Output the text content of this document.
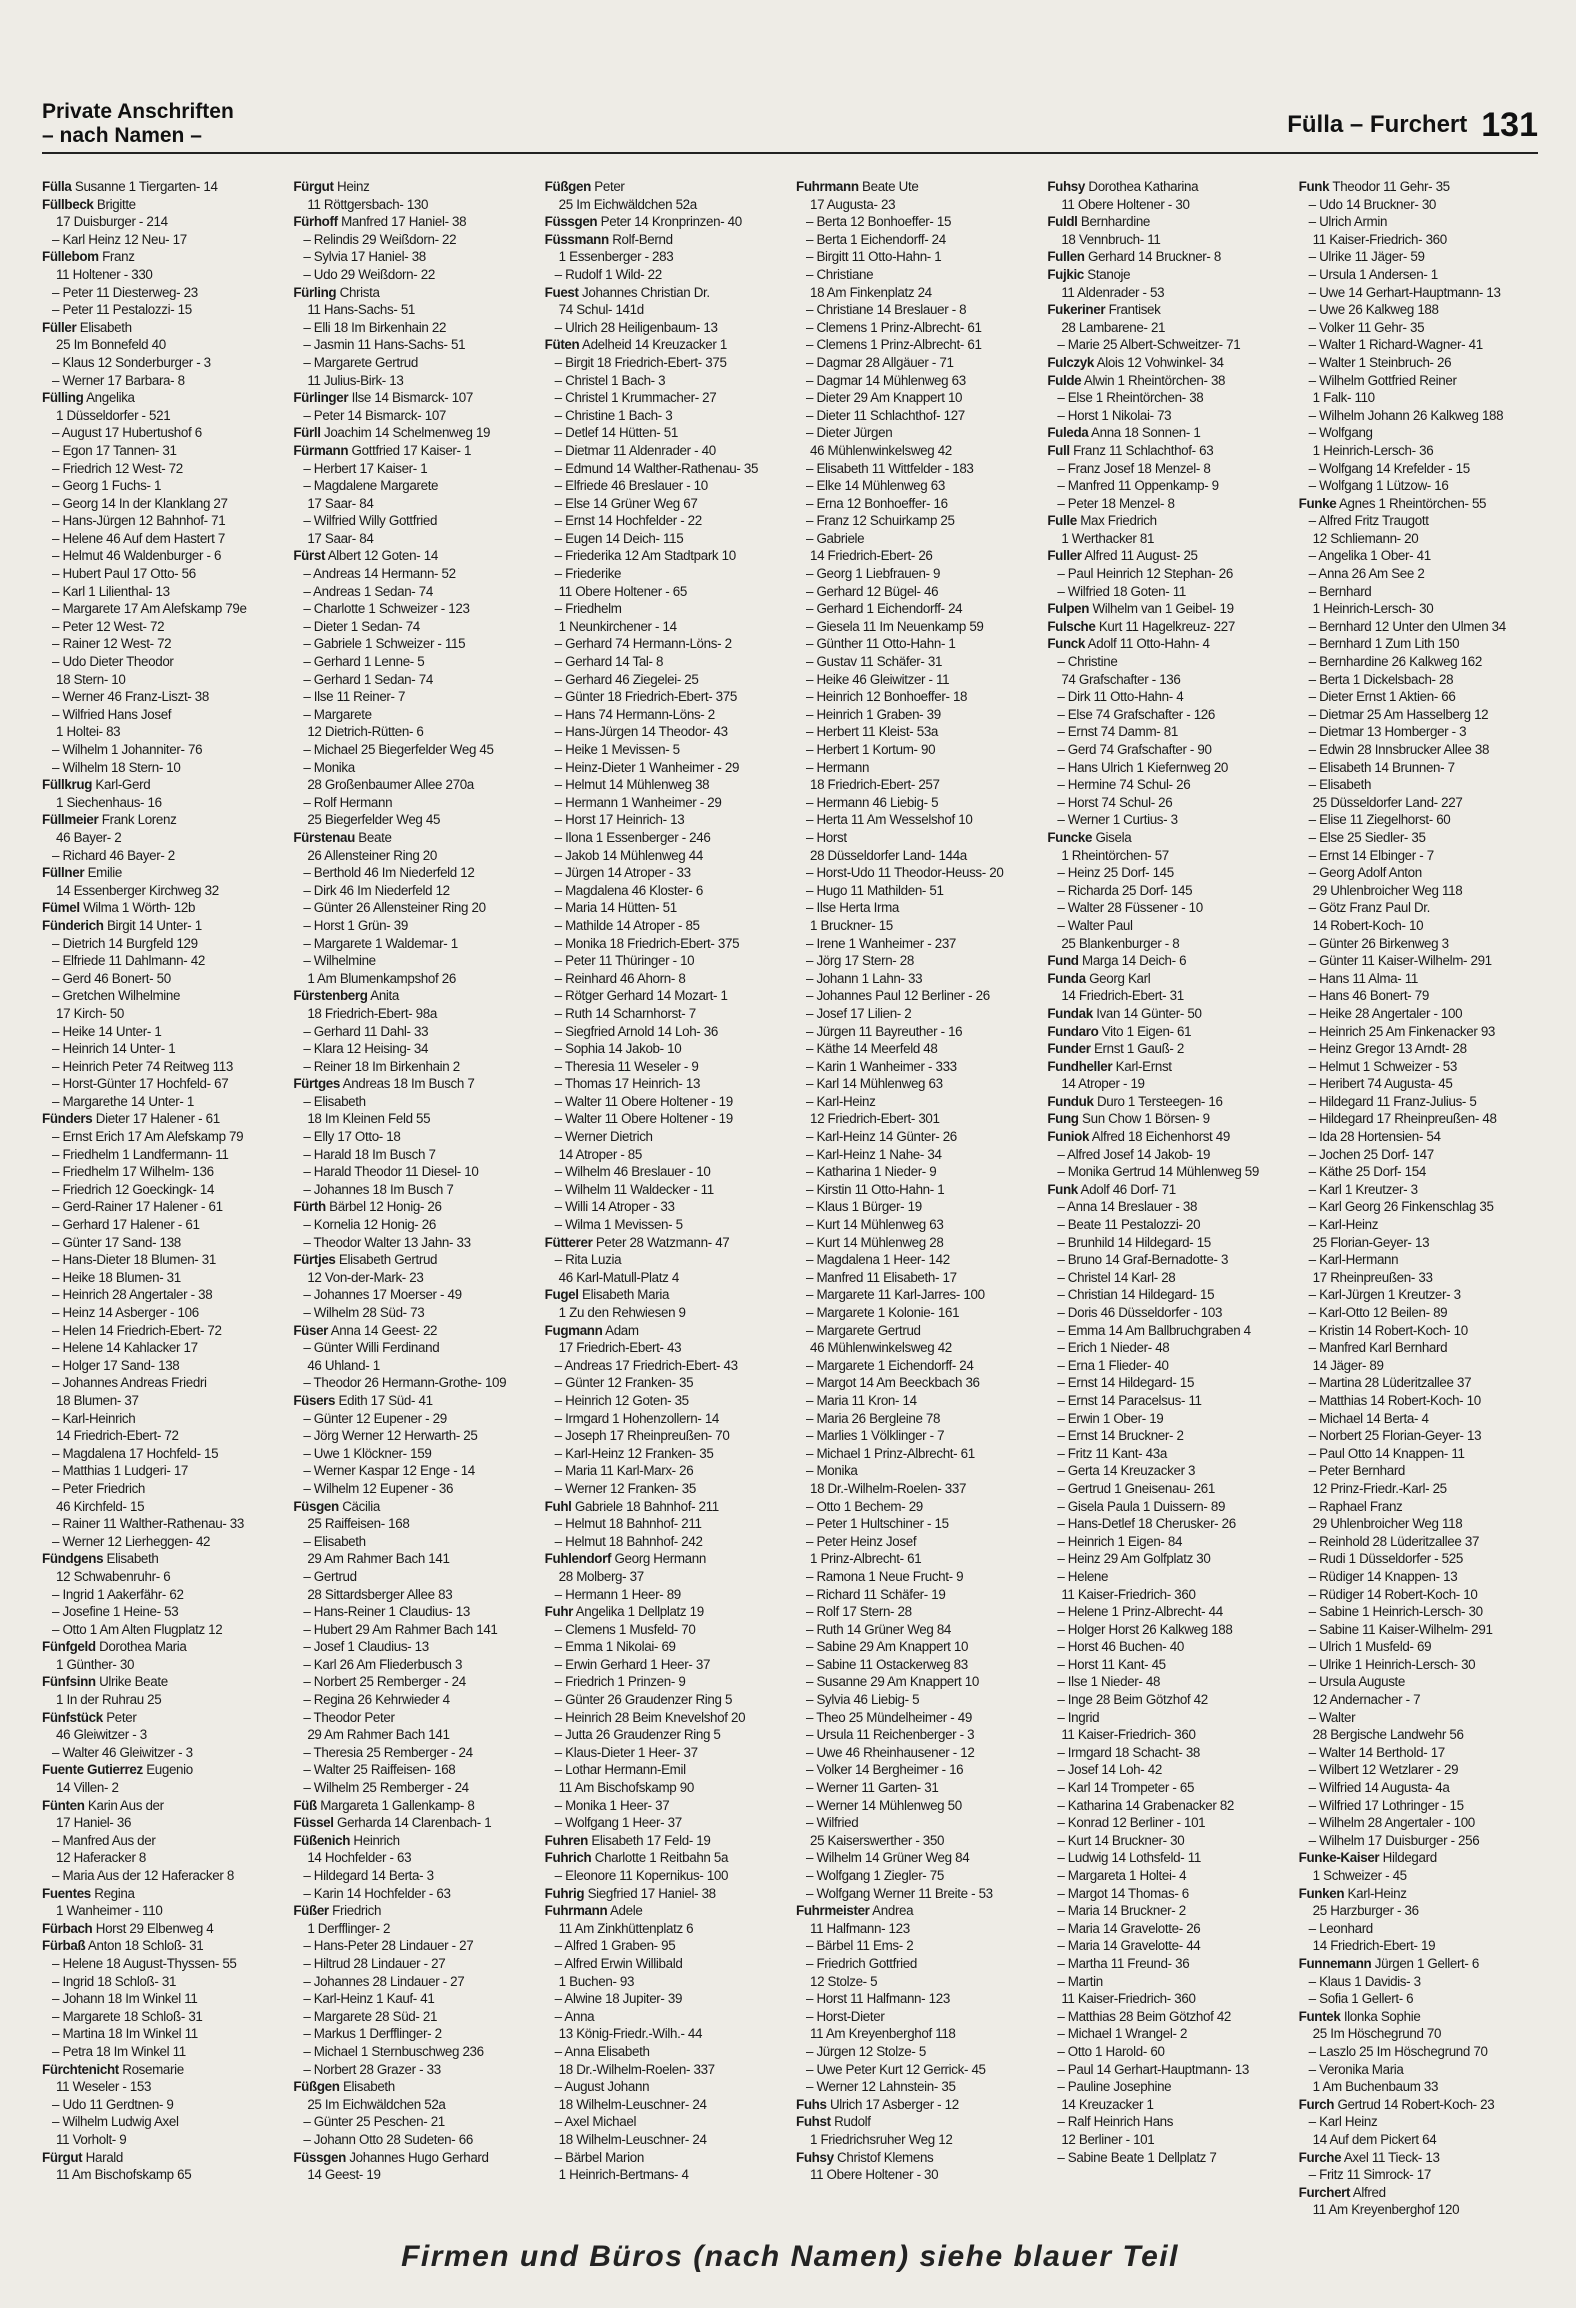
Private Anschriften
– nach Namen –	Fülla – Furchert 131
Fülla Susanne 1 Tiergarten- 14
Füllbeck Brigitte
17 Duisburger - 214
– Karl Heinz 12 Neu- 17
Füllebom Franz
11 Holtener - 330
– Peter 11 Diesterweg- 23
– Peter 11 Pestalozzi- 15
Füller Elisabeth
25 Im Bonnefeld 40
– Klaus 12 Sonderburger - 3
– Werner 17 Barbara- 8
Fülling Angelika
1 Düsseldorfer - 521
– August 17 Hubertushof 6
– Egon 17 Tannen- 31
– Friedrich 12 West- 72
– Georg 1 Fuchs- 1
– Georg 14 In der Klanklang 27
– Hans-Jürgen 12 Bahnhof- 71
– Helene 46 Auf dem Hastert 7
– Helmut 46 Waldenburger - 6
– Hubert Paul 17 Otto- 56
– Karl 1 Lilienthal- 13
– Margarete 17 Am Alefskamp 79e
– Peter 12 West- 72
– Rainer 12 West- 72
– Udo Dieter Theodor
18 Stern- 10
– Werner 46 Franz-Liszt- 38
– Wilfried Hans Josef
1 Holtei- 83
– Wilhelm 1 Johanniter- 76
– Wilhelm 18 Stern- 10
Füllkrug Karl-Gerd
1 Siechenhaus- 16
Füllmeier Frank Lorenz
46 Bayer- 2
– Richard 46 Bayer- 2
Füllner Emilie
14 Essenberger Kirchweg 32
Fümel Wilma 1 Wörth- 12b
Fünderich Birgit 14 Unter- 1
– Dietrich 14 Burgfeld 129
– Elfriede 11 Dahlmann- 42
– Gerd 46 Bonert- 50
– Gretchen Wilhelmine
17 Kirch- 50
– Heike 14 Unter- 1
– Heinrich 14 Unter- 1
– Heinrich Peter 74 Reitweg 113
– Horst-Günter 17 Hochfeld- 67
– Margarethe 14 Unter- 1
Fünders Dieter 17 Halener - 61
– Ernst Erich 17 Am Alefskamp 79
– Friedhelm 1 Landfermann- 11
– Friedhelm 17 Wilhelm- 136
– Friedrich 12 Goeckingk- 14
– Gerd-Rainer 17 Halener - 61
– Gerhard 17 Halener - 61
– Günter 17 Sand- 138
– Hans-Dieter 18 Blumen- 31
– Heike 18 Blumen- 31
– Heinrich 28 Angertaler - 38
– Heinz 14 Asberger - 106
– Helen 14 Friedrich-Ebert- 72
– Helene 14 Kahlacker 17
– Holger 17 Sand- 138
– Johannes Andreas Friedri
18 Blumen- 37
– Karl-Heinrich
14 Friedrich-Ebert- 72
– Magdalena 17 Hochfeld- 15
– Matthias 1 Ludgeri- 17
– Peter Friedrich
46 Kirchfeld- 15
– Rainer 11 Walther-Rathenau- 33
– Werner 12 Lierheggen- 42
Fündgens Elisabeth
12 Schwabenruhr- 6
– Ingrid 1 Aakerfähr- 62
– Josefine 1 Heine- 53
– Otto 1 Am Alten Flugplatz 12
Fünfgeld Dorothea Maria
1 Günther- 30
Fünfsinn Ulrike Beate
1 In der Ruhrau 25
Fünfstück Peter
46 Gleiwitzer - 3
– Walter 46 Gleiwitzer - 3
Fuente Gutierrez Eugenio
14 Villen- 2
Fünten Karin Aus der
17 Haniel- 36
– Manfred Aus der
12 Haferacker 8
– Maria Aus der 12 Haferacker 8
Fuentes Regina
1 Wanheimer - 110
Fürbach Horst 29 Elbenweg 4
Fürbaß Anton 18 Schloß- 31
– Helene 18 August-Thyssen- 55
– Ingrid 18 Schloß- 31
– Johann 18 Im Winkel 11
– Margarete 18 Schloß- 31
– Martina 18 Im Winkel 11
– Petra 18 Im Winkel 11
Fürchtenicht Rosemarie
11 Weseler - 153
– Udo 11 Gerdtnen- 9
– Wilhelm Ludwig Axel
11 Vorholt- 9
Fürgut Harald
11 Am Bischofskamp 65
Fürgut Heinz
11 Röttgersbach- 130
Fürhoff Manfred 17 Haniel- 38
– Relindis 29 Weißdorn- 22
– Sylvia 17 Haniel- 38
– Udo 29 Weißdorn- 22
Fürling Christa
11 Hans-Sachs- 51
– Elli 18 Im Birkenhain 22
– Jasmin 11 Hans-Sachs- 51
– Margarete Gertrud
11 Julius-Birk- 13
Fürlinger Ilse 14 Bismarck- 107
– Peter 14 Bismarck- 107
Fürll Joachim 14 Schelmenweg 19
Fürmann Gottfried 17 Kaiser- 1
– Herbert 17 Kaiser- 1
– Magdalene Margarete
17 Saar- 84
– Wilfried Willy Gottfried
17 Saar- 84
Fürst Albert 12 Goten- 14
– Andreas 14 Hermann- 52
– Andreas 1 Sedan- 74
– Charlotte 1 Schweizer - 123
– Dieter 1 Sedan- 74
– Gabriele 1 Schweizer - 115
– Gerhard 1 Lenne- 5
– Gerhard 1 Sedan- 74
– Ilse 11 Reiner- 7
– Margarete
12 Dietrich-Rütten- 6
– Michael 25 Biegerfelder Weg 45
– Monika
28 Großenbaumer Allee 270a
– Rolf Hermann
25 Biegerfelder Weg 45
Fürstenau Beate
26 Allensteiner Ring 20
– Berthold 46 Im Niederfeld 12
– Dirk 46 Im Niederfeld 12
– Günter 26 Allensteiner Ring 20
– Horst 1 Grün- 39
– Margarete 1 Waldemar- 1
– Wilhelmine
1 Am Blumenkampshof 26
Fürstenberg Anita
18 Friedrich-Ebert- 98a
– Gerhard 11 Dahl- 33
– Klara 12 Heising- 34
– Reiner 18 Im Birkenhain 2
Fürtges Andreas 18 Im Busch 7
– Elisabeth
18 Im Kleinen Feld 55
– Elly 17 Otto- 18
– Harald 18 Im Busch 7
– Harald Theodor 11 Diesel- 10
– Johannes 18 Im Busch 7
Fürth Bärbel 12 Honig- 26
– Kornelia 12 Honig- 26
– Theodor Walter 13 Jahn- 33
Fürtjes Elisabeth Gertrud
12 Von-der-Mark- 23
– Johannes 17 Moerser - 49
– Wilhelm 28 Süd- 73
Füser Anna 14 Geest- 22
– Günter Willi Ferdinand
46 Uhland- 1
– Theodor 26 Hermann-Grothe- 109
Füsers Edith 17 Süd- 41
– Günter 12 Eupener - 29
– Jörg Werner 12 Herwarth- 25
– Uwe 1 Klöckner- 159
– Werner Kaspar 12 Enge - 14
– Wilhelm 12 Eupener - 36
Füsgen Cäcilia
25 Raiffeisen- 168
– Elisabeth
29 Am Rahmer Bach 141
– Gertrud
28 Sittardsberger Allee 83
– Hans-Reiner 1 Claudius- 13
– Hubert 29 Am Rahmer Bach 141
– Josef 1 Claudius- 13
– Karl 26 Am Fliederbusch 3
– Norbert 25 Remberger - 24
– Regina 26 Kehrwieder 4
– Theodor Peter
29 Am Rahmer Bach 141
– Theresia 25 Remberger - 24
– Walter 25 Raiffeisen- 168
– Wilhelm 25 Remberger - 24
Füß Margareta 1 Gallenkamp- 8
Füssel Gerharda 14 Clarenbach- 1
Füßenich Heinrich
14 Hochfelder - 63
– Hildegard 14 Berta- 3
– Karin 14 Hochfelder - 63
Füßer Friedrich
1 Derfflinger- 2
– Hans-Peter 28 Lindauer - 27
– Hiltrud 28 Lindauer - 27
– Johannes 28 Lindauer - 27
– Karl-Heinz 1 Kauf- 41
– Margarete 28 Süd- 21
– Markus 1 Derfflinger- 2
– Michael 1 Sternbuschweg 236
– Norbert 28 Grazer - 33
Füßgen Elisabeth
25 Im Eichwäldchen 52a
– Günter 25 Peschen- 21
– Johann Otto 28 Sudeten- 66
Füssgen Johannes Hugo Gerhard
14 Geest- 19
Füßgen Peter
25 Im Eichwäldchen 52a
Füssgen Peter 14 Kronprinzen- 40
Füssmann Rolf-Bernd
1 Essenberger - 283
– Rudolf 1 Wild- 22
Fuest Johannes Christian Dr.
74 Schul- 141d
– Ulrich 28 Heiligenbaum- 13
Füten Adelheid 14 Kreuzacker 1
– Birgit 18 Friedrich-Ebert- 375
– Christel 1 Bach- 3
– Christel 1 Krummacher- 27
– Christine 1 Bach- 3
– Detlef 14 Hütten- 51
– Dietmar 11 Aldenrader - 40
– Edmund 14 Walther-Rathenau- 35
– Elfriede 46 Breslauer - 10
– Else 14 Grüner Weg 67
– Ernst 14 Hochfelder - 22
– Eugen 14 Deich- 115
– Friederika 12 Am Stadtpark 10
– Friederike
11 Obere Holtener - 65
– Friedhelm
1 Neunkirchener - 14
– Gerhard 74 Hermann-Löns- 2
– Gerhard 14 Tal- 8
– Gerhard 46 Ziegelei- 25
– Günter 18 Friedrich-Ebert- 375
– Hans 74 Hermann-Löns- 2
– Hans-Jürgen 14 Theodor- 43
– Heike 1 Mevissen- 5
– Heinz-Dieter 1 Wanheimer - 29
– Helmut 14 Mühlenweg 38
– Hermann 1 Wanheimer - 29
– Horst 17 Heinrich- 13
– Ilona 1 Essenberger - 246
– Jakob 14 Mühlenweg 44
– Jürgen 14 Atroper - 33
– Magdalena 46 Kloster- 6
– Maria 14 Hütten- 51
– Mathilde 14 Atroper - 85
– Monika 18 Friedrich-Ebert- 375
– Peter 11 Thüringer - 10
– Reinhard 46 Ahorn- 8
– Rötger Gerhard 14 Mozart- 1
– Ruth 14 Scharnhorst- 7
– Siegfried Arnold 14 Loh- 36
– Sophia 14 Jakob- 10
– Theresia 11 Weseler - 9
– Thomas 17 Heinrich- 13
– Walter 11 Obere Holtener - 19
– Walter 11 Obere Holtener - 19
– Werner Dietrich
14 Atroper - 85
– Wilhelm 46 Breslauer - 10
– Wilhelm 11 Waldecker - 11
– Willi 14 Atroper - 33
– Wilma 1 Mevissen- 5
Fütterer Peter 28 Watzmann- 47
– Rita Luzia
46 Karl-Matull-Platz 4
Fugel Elisabeth Maria
1 Zu den Rehwiesen 9
Fugmann Adam
17 Friedrich-Ebert- 43
– Andreas 17 Friedrich-Ebert- 43
– Günter 12 Franken- 35
– Heinrich 12 Goten- 35
– Irmgard 1 Hohenzollern- 14
– Joseph 17 Rheinpreußen- 70
– Karl-Heinz 12 Franken- 35
– Maria 11 Karl-Marx- 26
– Werner 12 Franken- 35
Fuhl Gabriele 18 Bahnhof- 211
– Helmut 18 Bahnhof- 211
– Helmut 18 Bahnhof- 242
Fuhlendorf Georg Hermann
28 Molberg- 37
– Hermann 1 Heer- 89
Fuhr Angelika 1 Dellplatz 19
– Clemens 1 Musfeld- 70
– Emma 1 Nikolai- 69
– Erwin Gerhard 1 Heer- 37
– Friedrich 1 Prinzen- 9
– Günter 26 Graudenzer Ring 5
– Heinrich 28 Beim Knevelshof 20
– Jutta 26 Graudenzer Ring 5
– Klaus-Dieter 1 Heer- 37
– Lothar Hermann-Emil
11 Am Bischofskamp 90
– Monika 1 Heer- 37
– Wolfgang 1 Heer- 37
Fuhren Elisabeth 17 Feld- 19
Fuhrich Charlotte 1 Reitbahn 5a
– Eleonore 11 Kopernikus- 100
Fuhrig Siegfried 17 Haniel- 38
Fuhrmann Adele
11 Am Zinkhüttenplatz 6
– Alfred 1 Graben- 95
– Alfred Erwin Willibald
1 Buchen- 93
– Alwine 18 Jupiter- 39
– Anna
13 König-Friedr.-Wilh.- 44
– Anna Elisabeth
18 Dr.-Wilhelm-Roelen- 337
– August Johann
18 Wilhelm-Leuschner- 24
– Axel Michael
18 Wilhelm-Leuschner- 24
– Bärbel Marion
1 Heinrich-Bertmans- 4
Fuhrmann Beate Ute
17 Augusta- 23
– Berta 12 Bonhoeffer- 15
– Berta 1 Eichendorff- 24
– Birgitt 11 Otto-Hahn- 1
– Christiane
18 Am Finkenplatz 24
– Christiane 14 Breslauer - 8
– Clemens 1 Prinz-Albrecht- 61
– Clemens 1 Prinz-Albrecht- 61
– Dagmar 28 Allgäuer - 71
– Dagmar 14 Mühlenweg 63
– Dieter 29 Am Knappert 10
– Dieter 11 Schlachthof- 127
– Dieter Jürgen
46 Mühlenwinkelsweg 42
– Elisabeth 11 Wittfelder - 183
– Elke 14 Mühlenweg 63
– Erna 12 Bonhoeffer- 16
– Franz 12 Schuirkamp 25
– Gabriele
14 Friedrich-Ebert- 26
– Georg 1 Liebfrauen- 9
– Gerhard 12 Bügel- 46
– Gerhard 1 Eichendorff- 24
– Giesela 11 Im Neuenkamp 59
– Günther 11 Otto-Hahn- 1
– Gustav 11 Schäfer- 31
– Heike 46 Gleiwitzer - 11
– Heinrich 12 Bonhoeffer- 18
– Heinrich 1 Graben- 39
– Herbert 11 Kleist- 53a
– Herbert 1 Kortum- 90
– Hermann
18 Friedrich-Ebert- 257
– Hermann 46 Liebig- 5
– Herta 11 Am Wesselshof 10
– Horst
28 Düsseldorfer Land- 144a
– Horst-Udo 11 Theodor-Heuss- 20
– Hugo 11 Mathilden- 51
– Ilse Herta Irma
1 Bruckner- 15
– Irene 1 Wanheimer - 237
– Jörg 17 Stern- 28
– Johann 1 Lahn- 33
– Johannes Paul 12 Berliner - 26
– Josef 17 Lilien- 2
– Jürgen 11 Bayreuther - 16
– Käthe 14 Meerfeld 48
– Karin 1 Wanheimer - 333
– Karl 14 Mühlenweg 63
– Karl-Heinz
12 Friedrich-Ebert- 301
– Karl-Heinz 14 Günter- 26
– Karl-Heinz 1 Nahe- 34
– Katharina 1 Nieder- 9
– Kirstin 11 Otto-Hahn- 1
– Klaus 1 Bürger- 19
– Kurt 14 Mühlenweg 63
– Kurt 14 Mühlenweg 28
– Magdalena 1 Heer- 142
– Manfred 11 Elisabeth- 17
– Margarete 11 Karl-Jarres- 100
– Margarete 1 Kolonie- 161
– Margarete Gertrud
46 Mühlenwinkelsweg 42
– Margarete 1 Eichendorff- 24
– Margot 14 Am Beeckbach 36
– Maria 11 Kron- 14
– Maria 26 Bergleine 78
– Marlies 1 Völklinger - 7
– Michael 1 Prinz-Albrecht- 61
– Monika
18 Dr.-Wilhelm-Roelen- 337
– Otto 1 Bechem- 29
– Peter 1 Hultschiner - 15
– Peter Heinz Josef
1 Prinz-Albrecht- 61
– Ramona 1 Neue Frucht- 9
– Richard 11 Schäfer- 19
– Rolf 17 Stern- 28
– Ruth 14 Grüner Weg 84
– Sabine 29 Am Knappert 10
– Sabine 11 Ostackerweg 83
– Susanne 29 Am Knappert 10
– Sylvia 46 Liebig- 5
– Theo 25 Mündelheimer - 49
– Ursula 11 Reichenberger - 3
– Uwe 46 Rheinhausener - 12
– Volker 14 Bergheimer - 16
– Werner 11 Garten- 31
– Werner 14 Mühlenweg 50
– Wilfried
25 Kaiserswerther - 350
– Wilhelm 14 Grüner Weg 84
– Wolfgang 1 Ziegler- 75
– Wolfgang Werner 11 Breite - 53
Fuhrmeister Andrea
11 Halfmann- 123
– Bärbel 11 Ems- 2
– Friedrich Gottfried
12 Stolze- 5
– Horst 11 Halfmann- 123
– Horst-Dieter
11 Am Kreyenberghof 118
– Jürgen 12 Stolze- 5
– Uwe Peter Kurt 12 Gerrick- 45
– Werner 12 Lahnstein- 35
Fuhs Ulrich 17 Asberger - 12
Fuhst Rudolf
1 Friedrichsruher Weg 12
Fuhsy Christof Klemens
11 Obere Holtener - 30
Fuhsy Dorothea Katharina
11 Obere Holtener - 30
Fuldl Bernhardine
18 Vennbruch- 11
Fullen Gerhard 14 Bruckner- 8
Fujkic Stanoje
11 Aldenrader - 53
Fukeriner Frantisek
28 Lambarene- 21
– Marie 25 Albert-Schweitzer- 71
Fulczyk Alois 12 Vohwinkel- 34
Fulde Alwin 1 Rheintörchen- 38
– Else 1 Rheintörchen- 38
– Horst 1 Nikolai- 73
Fuleda Anna 18 Sonnen- 1
Full Franz 11 Schlachthof- 63
– Franz Josef 18 Menzel- 8
– Manfred 11 Oppenkamp- 9
– Peter 18 Menzel- 8
Fulle Max Friedrich
1 Werthacker 81
Fuller Alfred 11 August- 25
– Paul Heinrich 12 Stephan- 26
– Wilfried 18 Goten- 11
Fulpen Wilhelm van 1 Geibel- 19
Fulsche Kurt 11 Hagelkreuz- 227
Funck Adolf 11 Otto-Hahn- 4
– Christine
74 Grafschafter - 136
– Dirk 11 Otto-Hahn- 4
– Else 74 Grafschafter - 126
– Ernst 74 Damm- 81
– Gerd 74 Grafschafter - 90
– Hans Ulrich 1 Kiefernweg 20
– Hermine 74 Schul- 26
– Horst 74 Schul- 26
– Werner 1 Curtius- 3
Funcke Gisela
1 Rheintörchen- 57
– Heinz 25 Dorf- 145
– Richarda 25 Dorf- 145
– Walter 28 Füssener - 10
– Walter Paul
25 Blankenburger - 8
Fund Marga 14 Deich- 6
Funda Georg Karl
14 Friedrich-Ebert- 31
Fundak Ivan 14 Günter- 50
Fundaro Vito 1 Eigen- 61
Funder Ernst 1 Gauß- 2
Fundheller Karl-Ernst
14 Atroper - 19
Funduk Duro 1 Tersteegen- 16
Fung Sun Chow 1 Börsen- 9
Funiok Alfred 18 Eichenhorst 49
– Alfred Josef 14 Jakob- 19
– Monika Gertrud 14 Mühlenweg 59
Funk Adolf 46 Dorf- 71
– Anna 14 Breslauer - 38
– Beate 11 Pestalozzi- 20
– Brunhild 14 Hildegard- 15
– Bruno 14 Graf-Bernadotte- 3
– Christel 14 Karl- 28
– Christian 14 Hildegard- 15
– Doris 46 Düsseldorfer - 103
– Emma 14 Am Ballbruchgraben 4
– Erich 1 Nieder- 48
– Erna 1 Flieder- 40
– Ernst 14 Hildegard- 15
– Ernst 14 Paracelsus- 11
– Erwin 1 Ober- 19
– Ernst 14 Bruckner- 2
– Fritz 11 Kant- 43a
– Gerta 14 Kreuzacker 3
– Gertrud 1 Gneisenau- 261
– Gisela Paula 1 Duissern- 89
– Hans-Detlef 18 Cherusker- 26
– Heinrich 1 Eigen- 84
– Heinz 29 Am Golfplatz 30
– Helene
11 Kaiser-Friedrich- 360
– Helene 1 Prinz-Albrecht- 44
– Holger Horst 26 Kalkweg 188
– Horst 46 Buchen- 40
– Horst 11 Kant- 45
– Ilse 1 Nieder- 48
– Inge 28 Beim Götzhof 42
– Ingrid
11 Kaiser-Friedrich- 360
– Irmgard 18 Schacht- 38
– Josef 14 Loh- 42
– Karl 14 Trompeter - 65
– Katharina 14 Grabenacker 82
– Konrad 12 Berliner - 101
– Kurt 14 Bruckner- 30
– Ludwig 14 Lothsfeld- 11
– Margareta 1 Holtei- 4
– Margot 14 Thomas- 6
– Maria 14 Bruckner- 2
– Maria 14 Gravelotte- 26
– Maria 14 Gravelotte- 44
– Martha 11 Freund- 36
– Martin
11 Kaiser-Friedrich- 360
– Matthias 28 Beim Götzhof 42
– Michael 1 Wrangel- 2
– Otto 1 Harold- 60
– Paul 14 Gerhart-Hauptmann- 13
– Pauline Josephine
14 Kreuzacker 1
– Ralf Heinrich Hans
12 Berliner - 101
– Sabine Beate 1 Dellplatz 7
Funk Theodor 11 Gehr- 35
– Udo 14 Bruckner- 30
– Ulrich Armin
11 Kaiser-Friedrich- 360
– Ulrike 11 Jäger- 59
– Ursula 1 Andersen- 1
– Uwe 14 Gerhart-Hauptmann- 13
– Uwe 26 Kalkweg 188
– Volker 11 Gehr- 35
– Walter 1 Richard-Wagner- 41
– Walter 1 Steinbruch- 26
– Wilhelm Gottfried Reiner
1 Falk- 110
– Wilhelm Johann 26 Kalkweg 188
– Wolfgang
1 Heinrich-Lersch- 36
– Wolfgang 14 Krefelder - 15
– Wolfgang 1 Lützow- 16
Funke Agnes 1 Rheintörchen- 55
– Alfred Fritz Traugott
12 Schliemann- 20
– Angelika 1 Ober- 41
– Anna 26 Am See 2
– Bernhard
1 Heinrich-Lersch- 30
– Bernhard 12 Unter den Ulmen 34
– Bernhard 1 Zum Lith 150
– Bernhardine 26 Kalkweg 162
– Berta 1 Dickelsbach- 28
– Dieter Ernst 1 Aktien- 66
– Dietmar 25 Am Hasselberg 12
– Dietmar 13 Homberger - 3
– Edwin 28 Innsbrucker Allee 38
– Elisabeth 14 Brunnen- 7
– Elisabeth
25 Düsseldorfer Land- 227
– Elise 11 Ziegelhorst- 60
– Else 25 Siedler- 35
– Ernst 14 Elbinger - 7
– Georg Adolf Anton
29 Uhlenbroicher Weg 118
– Götz Franz Paul Dr.
14 Robert-Koch- 10
– Günter 26 Birkenweg 3
– Günter 11 Kaiser-Wilhelm- 291
– Hans 11 Alma- 11
– Hans 46 Bonert- 79
– Heike 28 Angertaler - 100
– Heinrich 25 Am Finkenacker 93
– Heinz Gregor 13 Arndt- 28
– Helmut 1 Schweizer - 53
– Heribert 74 Augusta- 45
– Hildegard 11 Franz-Julius- 5
– Hildegard 17 Rheinpreußen- 48
– Ida 28 Hortensien- 54
– Jochen 25 Dorf- 147
– Käthe 25 Dorf- 154
– Karl 1 Kreutzer- 3
– Karl Georg 26 Finkenschlag 35
– Karl-Heinz
25 Florian-Geyer- 13
– Karl-Hermann
17 Rheinpreußen- 33
– Karl-Jürgen 1 Kreutzer- 3
– Karl-Otto 12 Beilen- 89
– Kristin 14 Robert-Koch- 10
– Manfred Karl Bernhard
14 Jäger- 89
– Martina 28 Lüderitzallee 37
– Matthias 14 Robert-Koch- 10
– Michael 14 Berta- 4
– Norbert 25 Florian-Geyer- 13
– Paul Otto 14 Knappen- 11
– Peter Bernhard
12 Prinz-Friedr.-Karl- 25
– Raphael Franz
29 Uhlenbroicher Weg 118
– Reinhold 28 Lüderitzallee 37
– Rudi 1 Düsseldorfer - 525
– Rüdiger 14 Knappen- 13
– Rüdiger 14 Robert-Koch- 10
– Sabine 1 Heinrich-Lersch- 30
– Sabine 11 Kaiser-Wilhelm- 291
– Ulrich 1 Musfeld- 69
– Ulrike 1 Heinrich-Lersch- 30
– Ursula Auguste
12 Andernacher - 7
– Walter
28 Bergische Landwehr 56
– Walter 14 Berthold- 17
– Wilbert 12 Wetzlarer - 29
– Wilfried 14 Augusta- 4a
– Wilfried 17 Lothringer - 15
– Wilhelm 28 Angertaler - 100
– Wilhelm 17 Duisburger - 256
Funke-Kaiser Hildegard
1 Schweizer - 45
Funken Karl-Heinz
25 Harzburger - 36
– Leonhard
14 Friedrich-Ebert- 19
Funnemann Jürgen 1 Gellert- 6
– Klaus 1 Davidis- 3
– Sofia 1 Gellert- 6
Funtek Ilonka Sophie
25 Im Höschegrund 70
– Laszlo 25 Im Höschegrund 70
– Veronika Maria
1 Am Buchenbaum 33
Furch Gertrud 14 Robert-Koch- 23
– Karl Heinz
14 Auf dem Pickert 64
Furche Axel 11 Tieck- 13
– Fritz 11 Simrock- 17
Furchert Alfred
11 Am Kreyenberghof 120
Firmen und Büros (nach Namen) siehe blauer Teil
